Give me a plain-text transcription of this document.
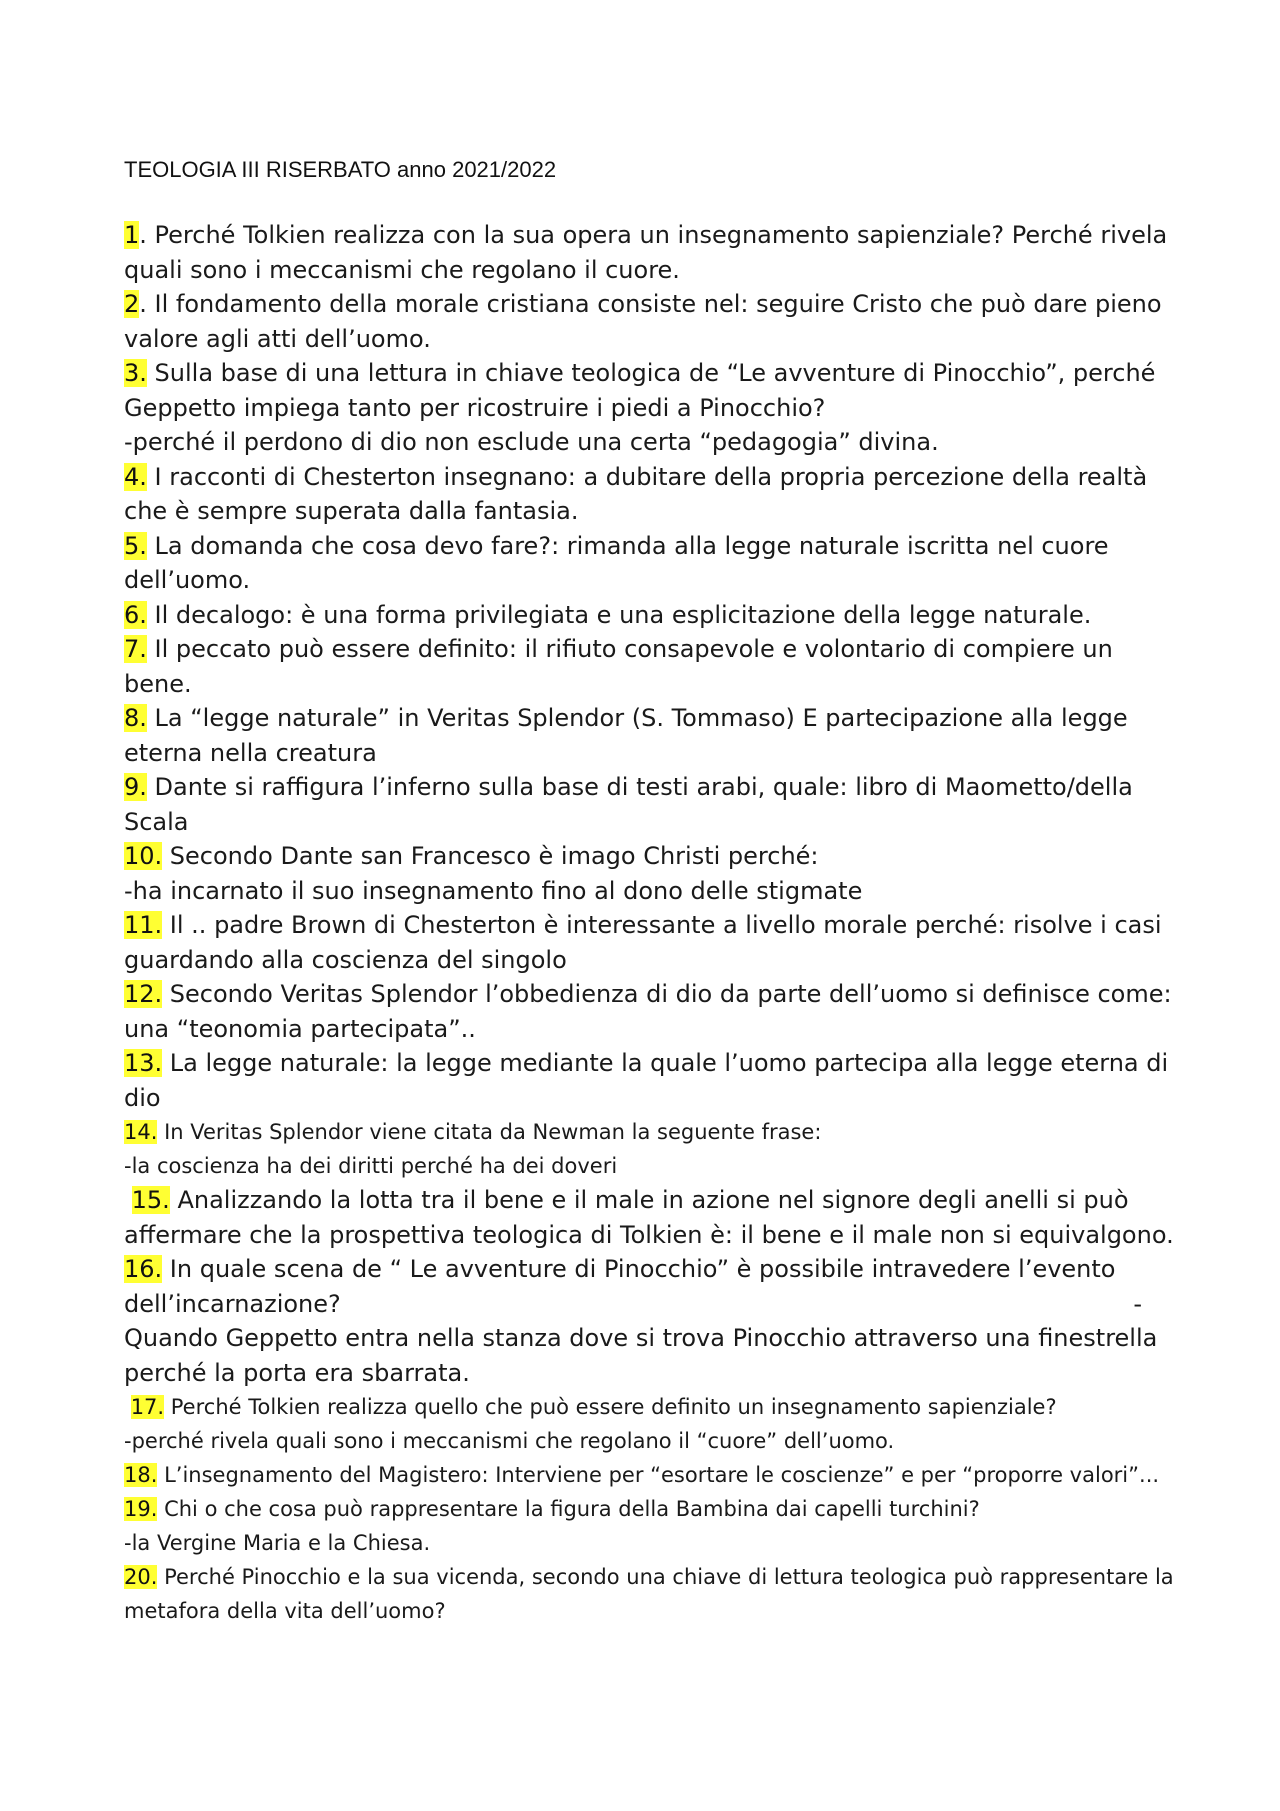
TEOLOGIA III RISERBATO anno 2021/2022
1. Perché Tolkien realizza con la sua opera un insegnamento sapienziale? Perché rivela quali sono i meccanismi che regolano il cuore.
2. Il fondamento della morale cristiana consiste nel: seguire Cristo che può dare pieno valore agli atti dell’uomo.
3. Sulla base di una lettura in chiave teologica de “Le avventure di Pinocchio”, perché Geppetto impiega tanto per ricostruire i piedi a Pinocchio?
-perché il perdono di dio non esclude una certa “pedagogia” divina.
4. I racconti di Chesterton insegnano: a dubitare della propria percezione della realtà che è sempre superata dalla fantasia.
5. La domanda che cosa devo fare?: rimanda alla legge naturale iscritta nel cuore dell’uomo.
6. Il decalogo: è una forma privilegiata e una esplicitazione della legge naturale.
7. Il peccato può essere definito: il rifiuto consapevole e volontario di compiere un bene.
8. La “legge naturale” in Veritas Splendor (S. Tommaso) E partecipazione alla legge eterna nella creatura
9. Dante si raffigura l’inferno sulla base di testi arabi, quale: libro di Maometto/della Scala
10. Secondo Dante san Francesco è imago Christi perché:
-ha incarnato il suo insegnamento fino al dono delle stigmate
11. Il .. padre Brown di Chesterton è interessante a livello morale perché: risolve i casi guardando alla coscienza del singolo
12. Secondo Veritas Splendor l’obbedienza di dio da parte dell’uomo si definisce come: una “teonomia partecipata”..
13. La legge naturale: la legge mediante la quale l’uomo partecipa alla legge eterna di dio
14. In Veritas Splendor viene citata da Newman la seguente frase:
-la coscienza ha dei diritti perché ha dei doveri
15. Analizzando la lotta tra il bene e il male in azione nel signore degli anelli si può affermare che la prospettiva teologica di Tolkien è: il bene e il male non si equivalgono.
16. In quale scena de “ Le avventure di Pinocchio” è possibile intravedere l’evento dell’incarnazione?	-
Quando Geppetto entra nella stanza dove si trova Pinocchio attraverso una finestrella perché la porta era sbarrata.
17. Perché Tolkien realizza quello che può essere definito un insegnamento sapienziale?
-perché rivela quali sono i meccanismi che regolano il “cuore” dell’uomo.
18. L’insegnamento del Magistero: Interviene per “esortare le coscienze” e per “proporre valori”...
19. Chi o che cosa può rappresentare la figura della Bambina dai capelli turchini?
-la Vergine Maria e la Chiesa.
20. Perché Pinocchio e la sua vicenda, secondo una chiave di lettura teologica può rappresentare la metafora della vita dell’uomo?
